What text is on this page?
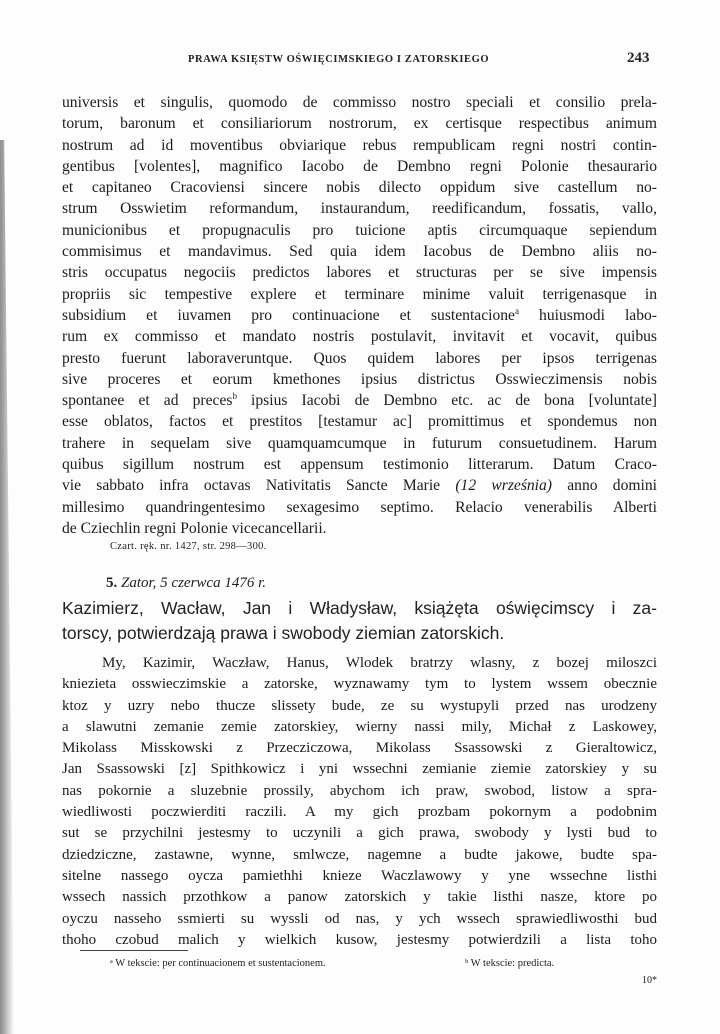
PRAWA KSIĘSTW OŚWIĘCIMSKIEGO I ZATORSKIEGO	243
universis et singulis, quomodo de commisso nostro speciali et consilio prela-
torum, baronum et consiliariorum nostrorum, ex certisque respectibus animum
nostrum ad id moventibus obviarique rebus rempublicam regni nostri contin-
gentibus [volentes], magnifico Iacobo de Dembno regni Polonie thesaurario
et capitaneo Cracoviensi sincere nobis dilecto oppidum sive castellum no-
strum Osswietim reformandum, instaurandum, reedificandum, fossatis, vallo,
municionibus et propugnaculis pro tuicione aptis circumquaque sepiendum
commisimus et mandavimus. Sed quia idem Iacobus de Dembno aliis no-
stris occupatus negociis predictos labores et structuras per se sive impensis
propriis sic tempestive explere et terminare minime valuit terrigenasque in
subsidium et iuvamen pro continuacione et sustentacione$^a$ huiusmodi labo-
rum ex commisso et mandato nostris postulavit, invitavit et vocavit, quibus
presto fuerunt laboraveruntque. Quos quidem labores per ipsos terrigenas
sive proceres et eorum kmethones ipsius districtus Osswieczimensis nobis
spontanee et ad preces$^b$ ipsius Iacobi de Dembno etc. ac de bona [voluntate]
esse oblatos, factos et prestitos [testamur ac] promittimus et spondemus non
trahere in sequelam sive quamquamcumque in futurum consuetudinem. Harum
quibus sigillum nostrum est appensum testimonio litterarum. Datum Craco-
vie sabbato infra octavas Nativitatis Sancte Marie (12 września) anno domini
millesimo quandringentesimo sexagesimo septimo. Relacio venerabilis Alberti
de Cziechlin regni Polonie vicecancellarii.
Czart. ręk. nr. 1427, str. 298—300.
5. Zator, 5 czerwca 1476 r.
Kazimierz, Wacław, Jan i Władysław, książęta oświęcimscy i za-
torscy, potwierdzają prawa i swobody ziemian zatorskich.
My, Kazimir, Waczław, Hanus, Wlodek bratrzy wlasny, z bozej miloszci
kniezieta osswieczimskie a zatorske, wyznawamy tym to lystem wssem obecznie
ktoz y uzry nebo thucze slissety bude, ze su wystupyli przed nas urodzeny
a slawutni zemanie zemie zatorskiey, wierny nassi mily, Michał z Laskowey,
Mikolass Misskowski z Przecziczowa, Mikolass Ssassowski z Gieraltowicz,
Jan Ssassowski [z] Spithkowicz i yni wssechni zemianie ziemie zatorskiey y su
nas pokornie a sluzebnie prossily, abychom ich praw, swobod, listow a spra-
wiedliwosti poczwierditi raczili. A my gich prozbam pokornym a podobnim
sut se przychilni jestesmy to uczynili a gich prawa, swobody y lysti bud to
dziedziczne, zastawne, wynne, smlwcze, nagemne a budte jakowe, budte spa-
sitelne nassego oycza pamiethhi knieze Waczlawowy y yne wssechne listhi
wssech nassich przothkow a panow zatorskich y takie listhi nasze, ktore po
oyczu nasseho ssmierti su wyssli od nas, y ych wssech sprawiedliwosthi bud
thoho czobud malich y wielkich kusow, jestesmy potwierdzili a lista toho
ᵃ W tekscie: per continuacionem et sustentacionem.	ᵇ W tekscie: predicta.
10*
